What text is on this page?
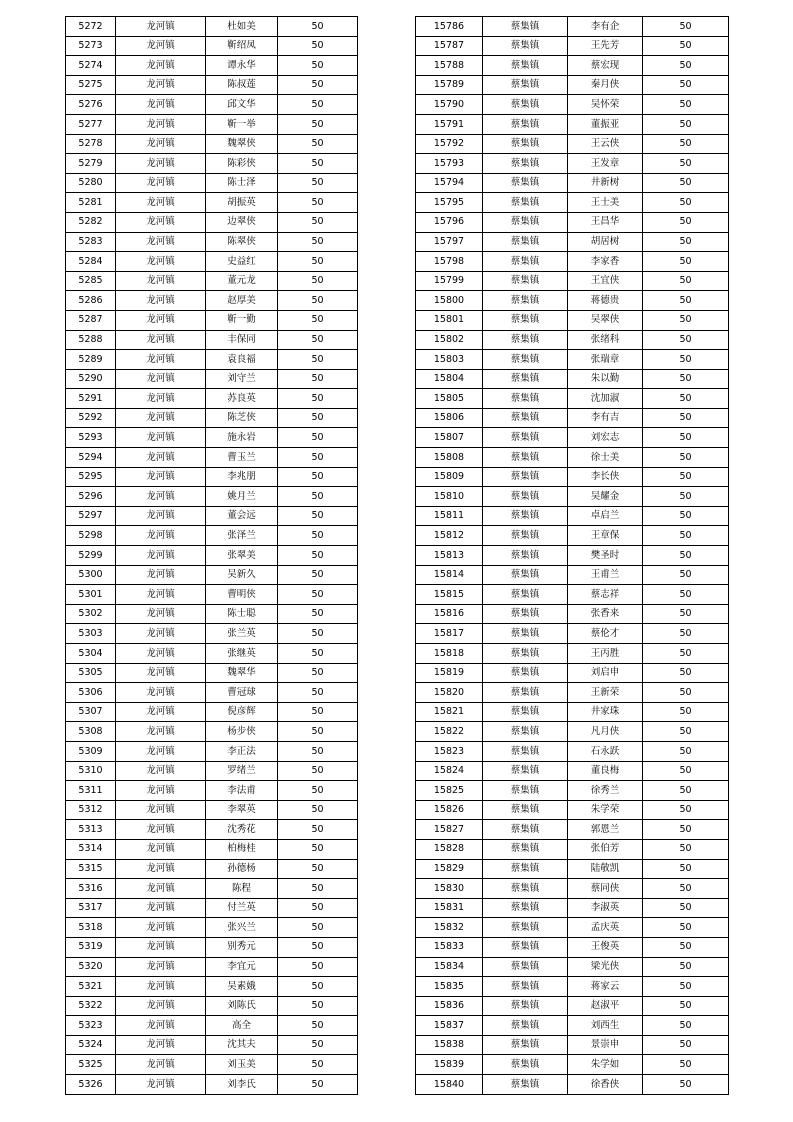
5272	龙河镇	杜如美	50
5273	龙河镇	靳绍凤	50
5274	龙河镇	谭永华	50
5275	龙河镇	陈叔莲	50
5276	龙河镇	邱文华	50
5277	龙河镇	靳一举	50
5278	龙河镇	魏翠侠	50
5279	龙河镇	陈彩侠	50
5280	龙河镇	陈士泽	50
5281	龙河镇	胡振英	50
5282	龙河镇	边翠侠	50
5283	龙河镇	陈翠侠	50
5284	龙河镇	史益红	50
5285	龙河镇	董元龙	50
5286	龙河镇	赵厚美	50
5287	龙河镇	靳一勤	50
5288	龙河镇	丰保同	50
5289	龙河镇	袁良福	50
5290	龙河镇	刘守兰	50
5291	龙河镇	苏良英	50
5292	龙河镇	陈芝侠	50
5293	龙河镇	施永岩	50
5294	龙河镇	曹玉兰	50
5295	龙河镇	李兆朋	50
5296	龙河镇	姚月兰	50
5297	龙河镇	董会远	50
5298	龙河镇	张泽兰	50
5299	龙河镇	张翠美	50
5300	龙河镇	吴新久	50
5301	龙河镇	曹明侠	50
5302	龙河镇	陈士聪	50
5303	龙河镇	张兰英	50
5304	龙河镇	张继英	50
5305	龙河镇	魏翠华	50
5306	龙河镇	曹冠球	50
5307	龙河镇	倪彦辉	50
5308	龙河镇	杨步侠	50
5309	龙河镇	李正法	50
5310	龙河镇	罗绪兰	50
5311	龙河镇	李法甫	50
5312	龙河镇	李翠英	50
5313	龙河镇	沈秀花	50
5314	龙河镇	柏梅桂	50
5315	龙河镇	孙德杨	50
5316	龙河镇	陈程	50
5317	龙河镇	付兰英	50
5318	龙河镇	张兴兰	50
5319	龙河镇	别秀元	50
5320	龙河镇	李宜元	50
5321	龙河镇	吴素娥	50
5322	龙河镇	刘陈氏	50
5323	龙河镇	高全	50
5324	龙河镇	沈其夫	50
5325	龙河镇	刘玉美	50
5326	龙河镇	刘李氏	50
15786	蔡集镇	李有企	50
15787	蔡集镇	王先芳	50
15788	蔡集镇	蔡宏现	50
15789	蔡集镇	秦月侠	50
15790	蔡集镇	吴怀荣	50
15791	蔡集镇	董振亚	50
15792	蔡集镇	王云侠	50
15793	蔡集镇	王发章	50
15794	蔡集镇	井新树	50
15795	蔡集镇	王士美	50
15796	蔡集镇	王昌华	50
15797	蔡集镇	胡居树	50
15798	蔡集镇	李家香	50
15799	蔡集镇	王宜侠	50
15800	蔡集镇	蒋德贵	50
15801	蔡集镇	吴翠侠	50
15802	蔡集镇	张绪科	50
15803	蔡集镇	张瑞章	50
15804	蔡集镇	朱以勤	50
15805	蔡集镇	沈加淑	50
15806	蔡集镇	李有吉	50
15807	蔡集镇	刘宏志	50
15808	蔡集镇	徐士美	50
15809	蔡集镇	李长侠	50
15810	蔡集镇	吴耀金	50
15811	蔡集镇	卓启兰	50
15812	蔡集镇	王章保	50
15813	蔡集镇	樊圣时	50
15814	蔡集镇	王甫兰	50
15815	蔡集镇	蔡志祥	50
15816	蔡集镇	张香来	50
15817	蔡集镇	蔡伦才	50
15818	蔡集镇	王丙胜	50
15819	蔡集镇	刘启申	50
15820	蔡集镇	王新荣	50
15821	蔡集镇	井家珠	50
15822	蔡集镇	凡月侠	50
15823	蔡集镇	石永跃	50
15824	蔡集镇	董良梅	50
15825	蔡集镇	徐秀兰	50
15826	蔡集镇	朱学荣	50
15827	蔡集镇	郭恩兰	50
15828	蔡集镇	张伯芳	50
15829	蔡集镇	陆敬凯	50
15830	蔡集镇	蔡同侠	50
15831	蔡集镇	李淑英	50
15832	蔡集镇	孟庆英	50
15833	蔡集镇	王俊英	50
15834	蔡集镇	梁光侠	50
15835	蔡集镇	蒋家云	50
15836	蔡集镇	赵淑平	50
15837	蔡集镇	刘西生	50
15838	蔡集镇	景崇申	50
15839	蔡集镇	朱学如	50
15840	蔡集镇	徐香侠	50
